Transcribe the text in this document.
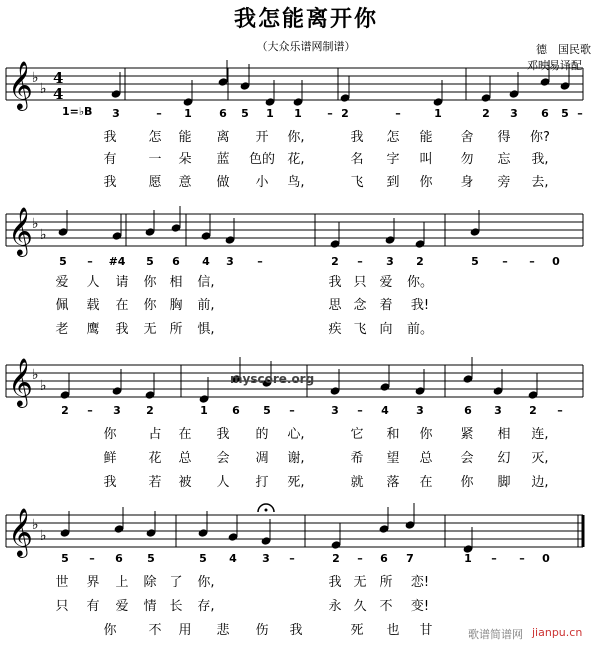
我怎能离开你
（大众乐谱网制谱）	德　国民歌
邓映易译配
1=♭B
𝄞 ♭
♭
4
4
𝄞 ♭
♭
𝄞 ♭
♭
𝄞 ♭
♭
3	– 1 6 5 1 1 – 2	–	1	2 3 6 5 –
我 怎 能 离 开 你,	我 怎 能 舍 得 你?
有 一 朵 蓝 色的 花,	名 字 叫 勿 忘 我,
我 愿 意 做 小 鸟,	飞 到 你 身 旁 去,
5 – #4 5 6 4 3 –	2 – 3 2	5 – – 0
爱 人 请 你 相 信,	我 只 爱 你。
佩 载 在 你 胸 前,	思 念 着 我!
老 鹰 我 无 所 惧,	疾 飞 向 前。
2 – 3 2	1 6 5 –	3 – 4 3	6 3 2 –
你 占 在 我 的 心,	它 和 你 紧 相 连,
鲜 花 总 会 凋 谢,	希 望 总 会 幻 灭,
我 若 被 人 打 死,	就 落 在 你 脚 边,
5 – 6 5	5 4 3 –	2 – 6 7	1 – – 0
世 界 上 除 了 你,	我 无 所 恋!
只 有 爱 情 长 存,	永 久 不 变!
你 不 用 悲 伤 我	死 也 甘
myscore.org
歌谱简谱网 jianpu.cn
